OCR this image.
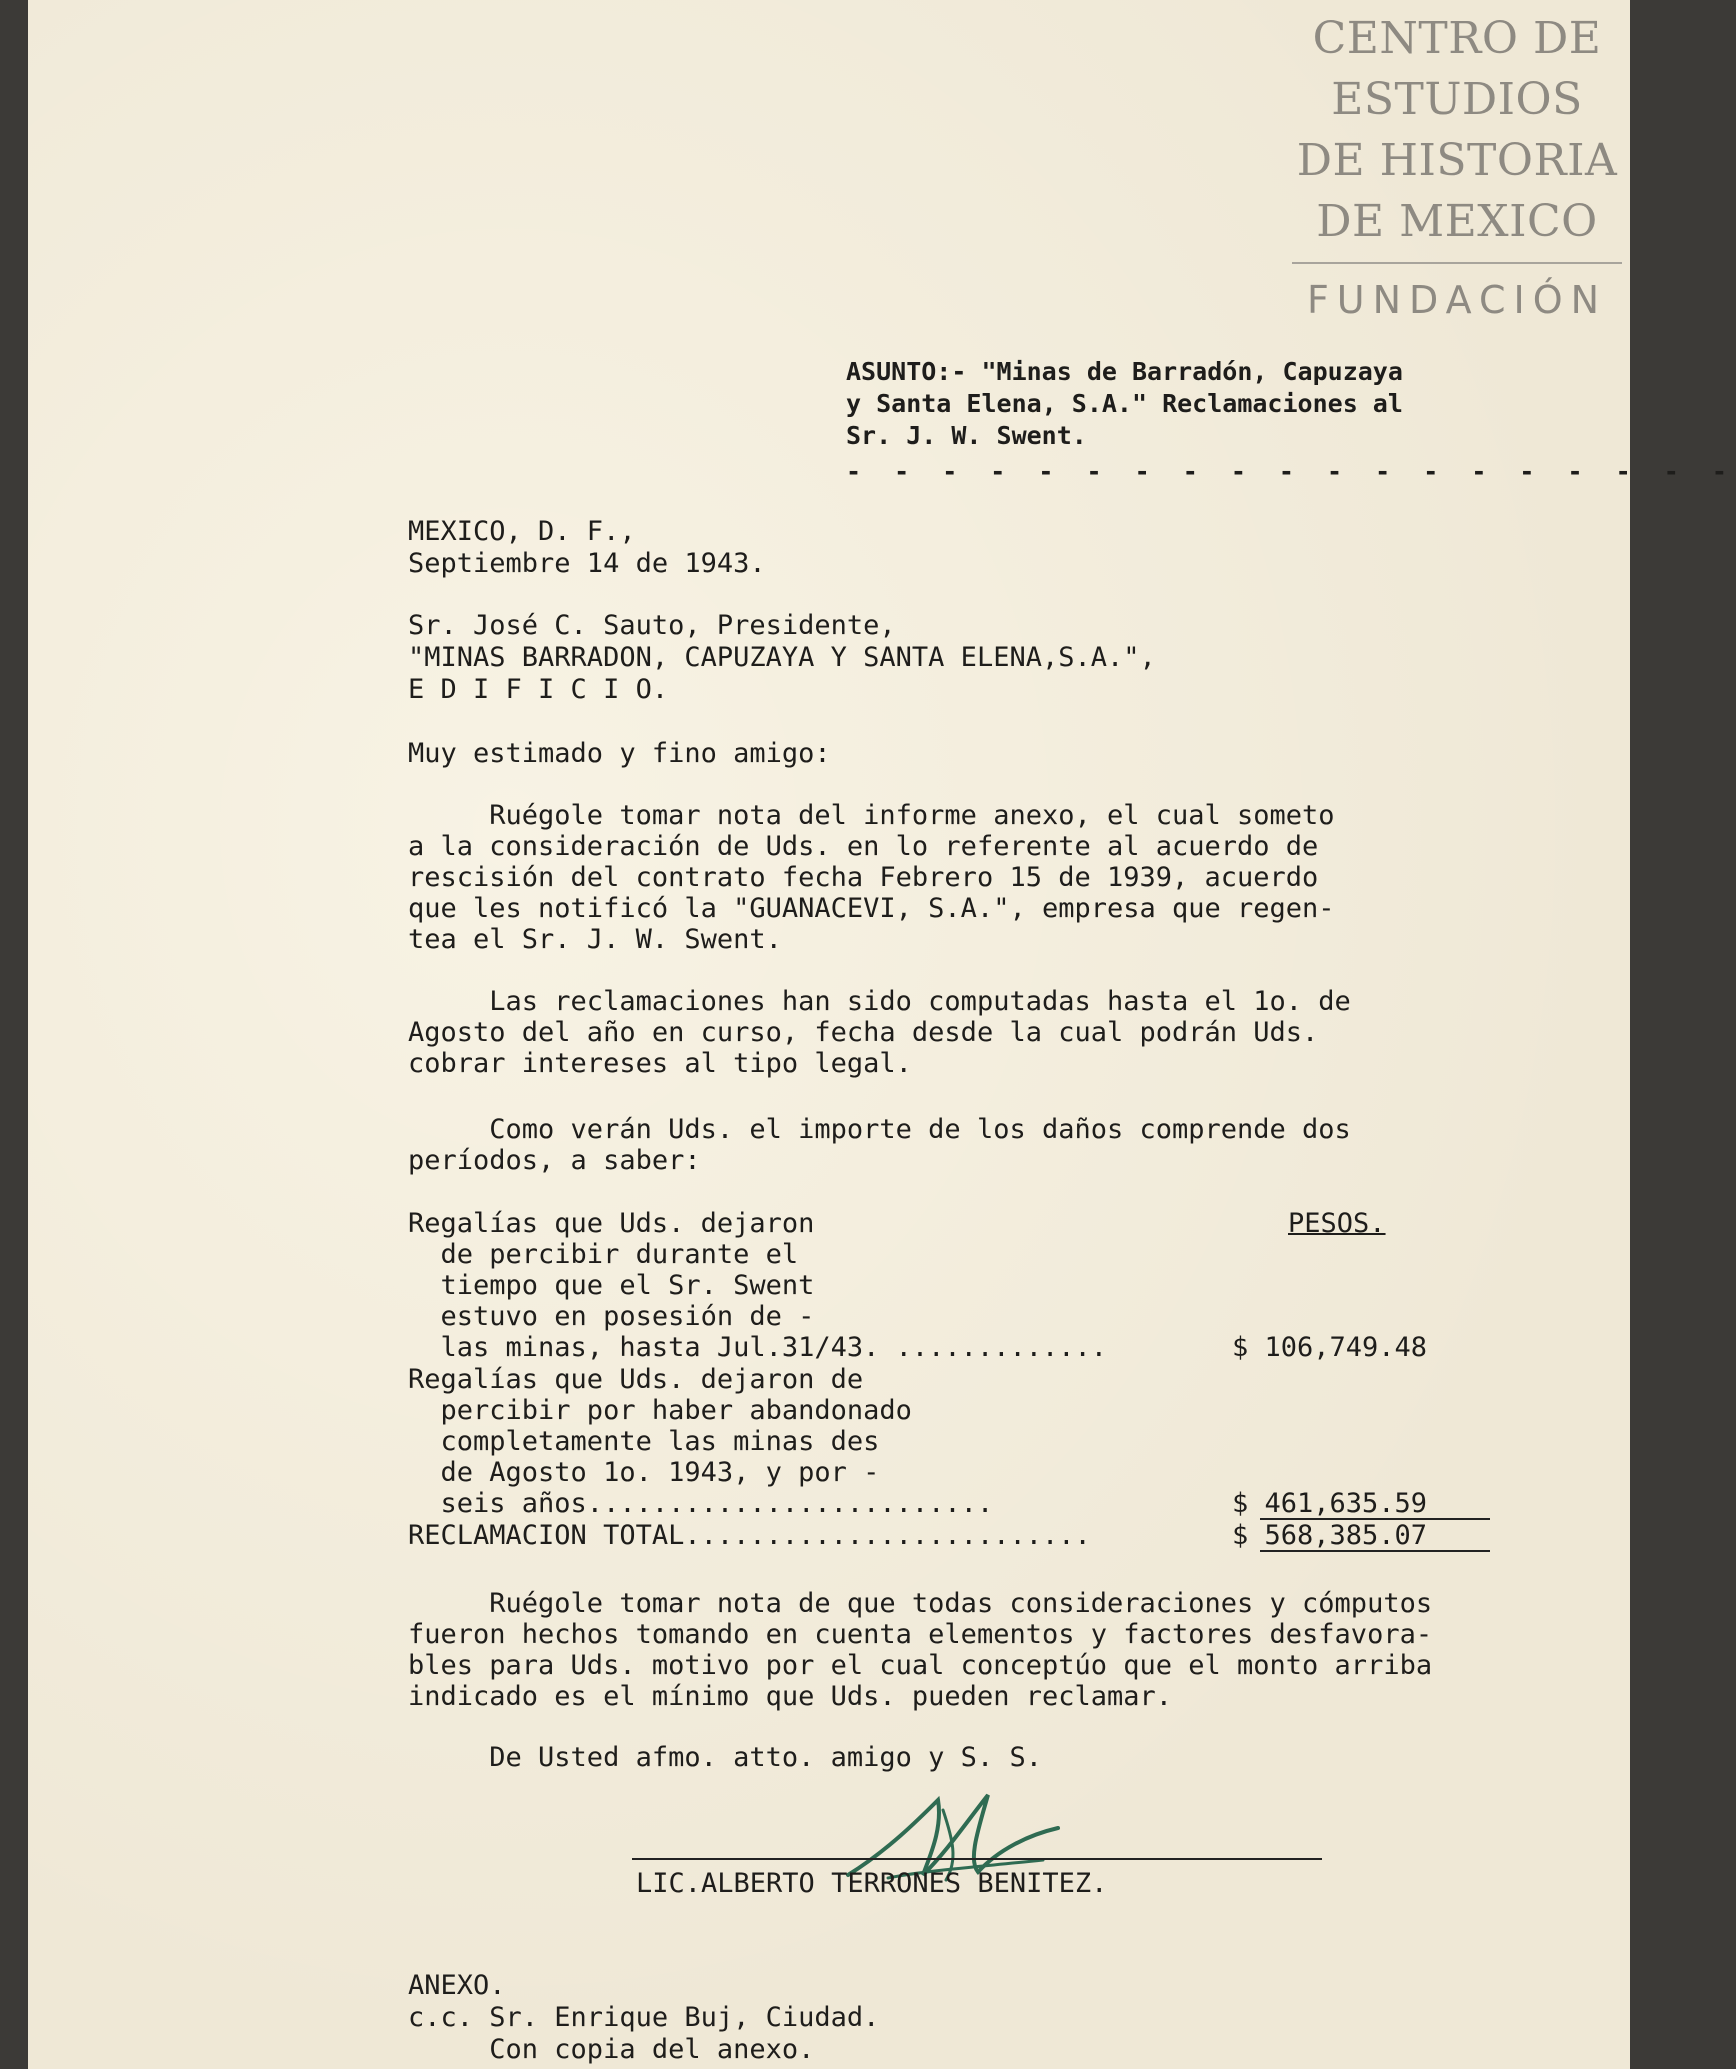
CENTRO DE
ESTUDIOS
DE HISTORIA
DE MEXICO
FUNDACIÓN
ASUNTO:- "Minas de Barradón, Capuzaya
y Santa Elena, S.A." Reclamaciones al
Sr. J. W. Swent.
- - - - - - - - - - - - - - - - - - -
MEXICO, D. F.,
Septiembre 14 de 1943.
Sr. José C. Sauto, Presidente,
"MINAS BARRADON, CAPUZAYA Y SANTA ELENA,S.A.",
E D I F I C I O.
Muy estimado y fino amigo:
Ruégole tomar nota del informe anexo, el cual someto
a la consideración de Uds. en lo referente al acuerdo de
rescisión del contrato fecha Febrero 15 de 1939, acuerdo
que les notificó la "GUANACEVI, S.A.", empresa que regen-
tea el Sr. J. W. Swent.
Las reclamaciones han sido computadas hasta el 1o. de
Agosto del año en curso, fecha desde la cual podrán Uds.
cobrar intereses al tipo legal.
Como verán Uds. el importe de los daños comprende dos
períodos, a saber:
PESOS.
Regalías que Uds. dejaron
de percibir durante el
tiempo que el Sr. Swent
estuvo en posesión de -
las minas, hasta Jul.31/43. .............	$ 106,749.48
Regalías que Uds. dejaron de
percibir por haber abandonado
completamente las minas des
de Agosto 1o. 1943, y por -
seis años.........................	$ 461,635.59
RECLAMACION TOTAL.........................	$ 568,385.07
Ruégole tomar nota de que todas consideraciones y cómputos
fueron hechos tomando en cuenta elementos y factores desfavora-
bles para Uds. motivo por el cual conceptúo que el monto arriba
indicado es el mínimo que Uds. pueden reclamar.
De Usted afmo. atto. amigo y S. S.
LIC.ALBERTO TERRONES BENITEZ.
ANEXO.
c.c. Sr. Enrique Buj, Ciudad.
Con copia del anexo.
